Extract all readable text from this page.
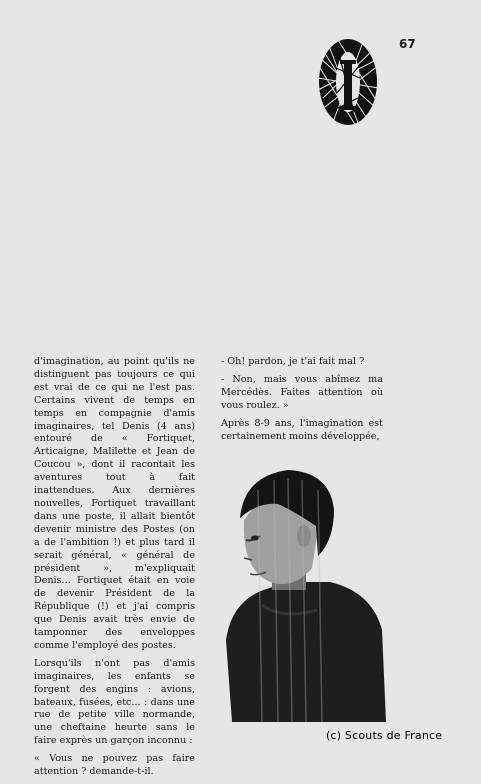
67

d'imagination, au point qu'ils ne distinguent pas toujours ce qui est vrai de ce qui ne l'est pas. Certains vivent de temps en temps en compagnie d'amis imaginaires, tel Denis (4 ans) entouré de « Fortiquet, Articaigne, Malilette et Jean de Coucou », dont il racontait les aventures tout à fait inattendues. Aux dernières nouvelles, Fortiquet travaillant dans une poste, il allait bientôt devenir ministre des Postes (on a de l'ambition !) et plus tard il serait général, « général de président », m'expliquait Denis... Fortiquet était en voie de devenir Président de la République (!) et j'ai compris que Denis avait très envie de tamponner des enveloppes comme l'employé des postes.

Lorsqu'ils n'ont pas d'amis imaginaires, les enfants se forgent des engins : avions, bateaux, fusées, etc... : dans une rue de petite ville normande, une cheftaine heurte sans le faire exprès un garçon inconnu :

« Vous ne pouvez pas faire attention ? demande-t-il.

- Oh! pardon, je t'ai fait mal ?

- Non, mais vous abîmez ma Mercédès. Faites attention où vous roulez. »

Après 8-9 ans, l'imagination est certainement moins développée,

(c) Scouts de France
